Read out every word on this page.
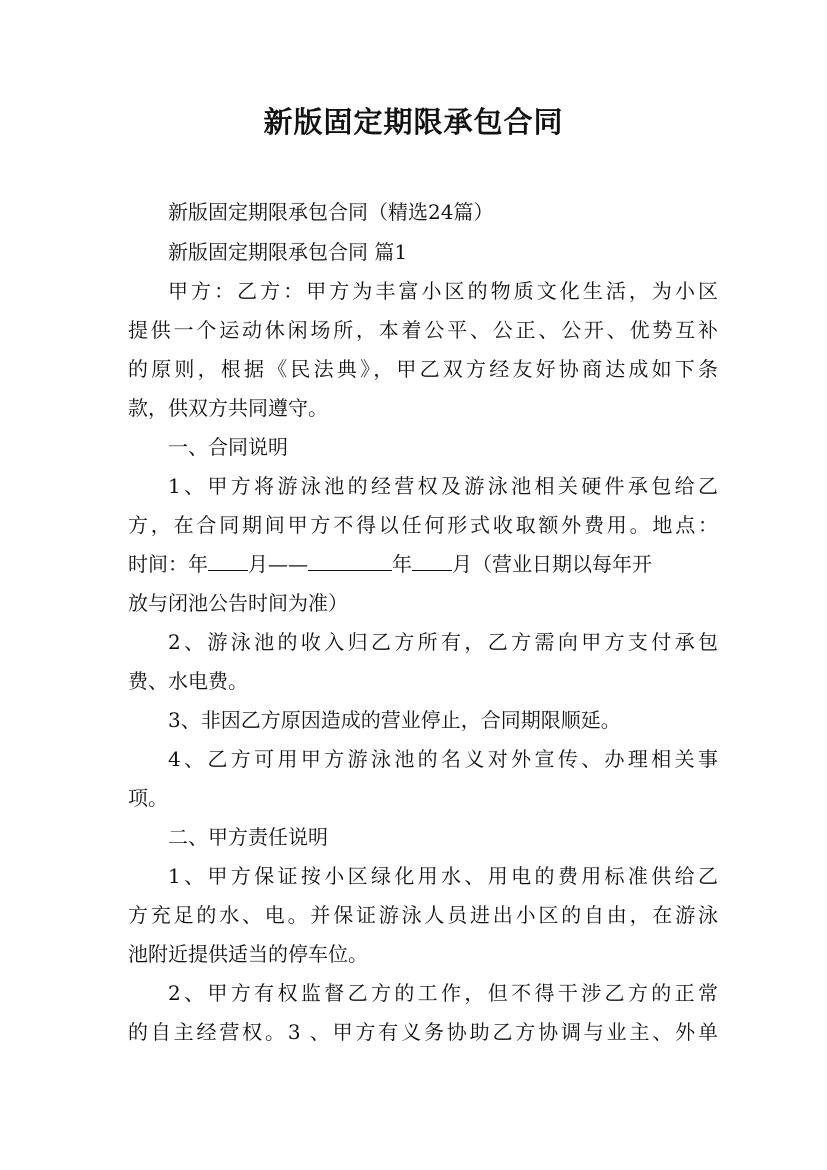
新版固定期限承包合同

新版固定期限承包合同（精选24篇）

新版固定期限承包合同 篇1

甲方：乙方：甲方为丰富小区的物质文化生活，为小区

提供一个运动休闲场所，本着公平、公正、公开、优势互补

的原则，根据《民法典》，甲乙双方经友好协商达成如下条

款，供双方共同遵守。

一、合同说明

1、甲方将游泳池的经营权及游泳池相关硬件承包给乙

方，在合同期间甲方不得以任何形式收取额外费用。地点：

时间：年 月——	年 月（营业日期以每年开

放与闭池公告时间为准）

2、游泳池的收入归乙方所有，乙方需向甲方支付承包

费、水电费。

3、非因乙方原因造成的营业停止，合同期限顺延。

4、乙方可用甲方游泳池的名义对外宣传、办理相关事

项。

二、甲方责任说明

1、甲方保证按小区绿化用水、用电的费用标准供给乙

方充足的水、电。并保证游泳人员进出小区的自由，在游泳

池附近提供适当的停车位。

2、甲方有权监督乙方的工作，但不得干涉乙方的正常

的自主经营权。3 、甲方有义务协助乙方协调与业主、外单
